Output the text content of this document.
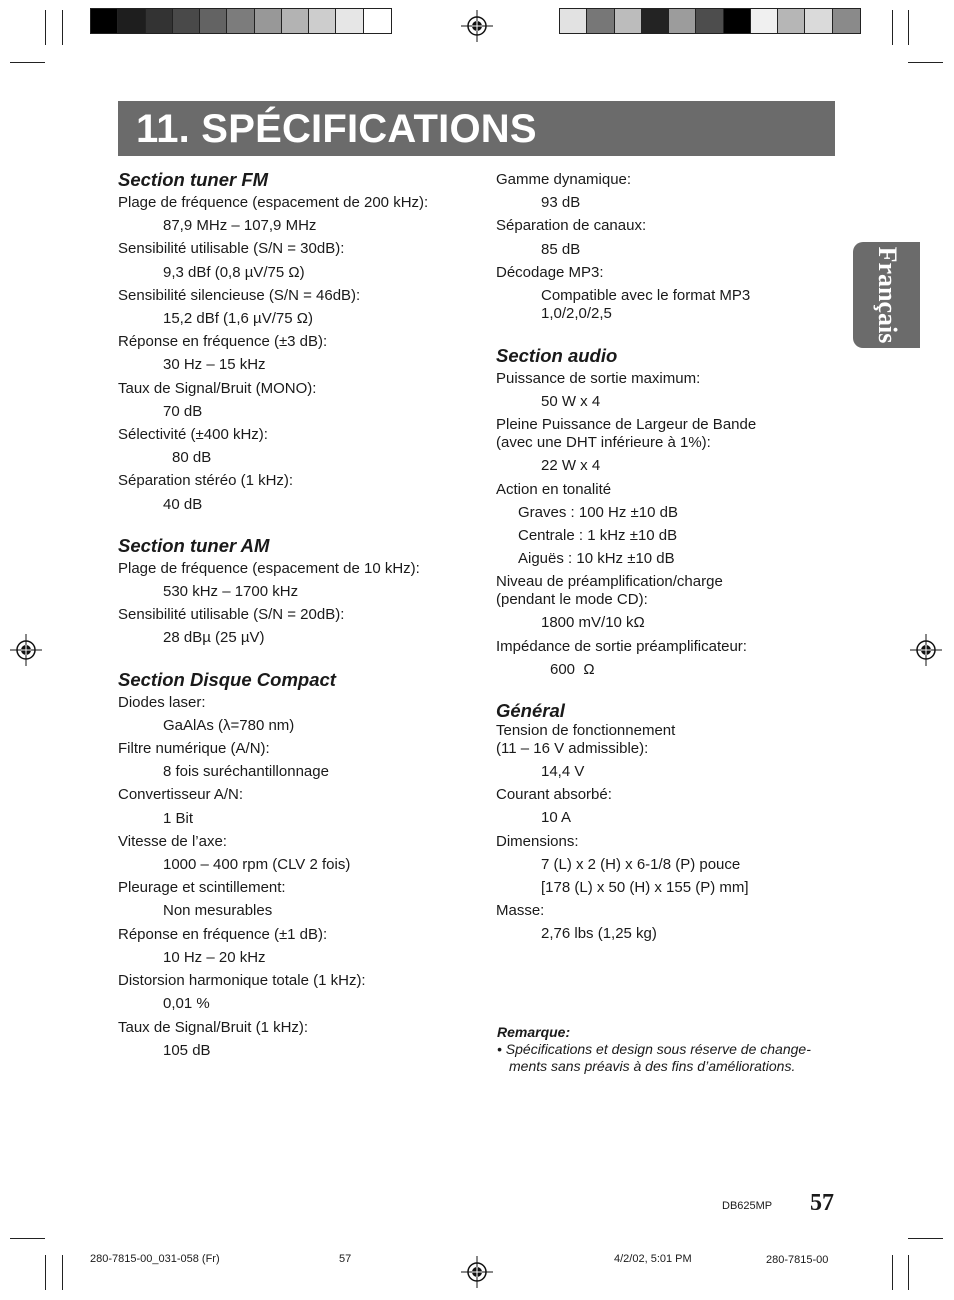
11. SPÉCIFICATIONS
Français
Section tuner FM
Plage de fréquence (espacement de 200 kHz):
87,9 MHz – 107,9 MHz
Sensibilité utilisable (S/N = 30dB):
9,3 dBf (0,8 µV/75 Ω)
Sensibilité silencieuse (S/N = 46dB):
15,2 dBf (1,6 µV/75 Ω)
Réponse en fréquence (±3 dB):
30 Hz – 15 kHz
Taux de Signal/Bruit (MONO):
70 dB
Sélectivité (±400 kHz):
80 dB
Séparation stéréo (1 kHz):
40 dB
Section tuner AM
Plage de fréquence (espacement de 10 kHz):
530 kHz – 1700 kHz
Sensibilité utilisable (S/N = 20dB):
28 dBµ (25 µV)
Section Disque Compact
Diodes laser:
GaAlAs (λ=780 nm)
Filtre numérique (A/N):
8 fois suréchantillonnage
Convertisseur A/N:
1 Bit
Vitesse de l’axe:
1000 – 400 rpm (CLV 2 fois)
Pleurage et scintillement:
Non mesurables
Réponse en fréquence (±1 dB):
10 Hz – 20 kHz
Distorsion harmonique totale (1 kHz):
0,01 %
Taux de Signal/Bruit (1 kHz):
105 dB
Gamme dynamique:
93 dB
Séparation de canaux:
85 dB
Décodage MP3:
Compatible avec le format MP3
1,0/2,0/2,5
Section audio
Puissance de sortie maximum:
50 W x 4
Pleine Puissance de Largeur de Bande
(avec une DHT inférieure à 1%):
22 W x 4
Action en tonalité
Graves : 100 Hz ±10 dB
Centrale : 1 kHz ±10 dB
Aiguës : 10 kHz ±10 dB
Niveau de préamplification/charge
(pendant le mode CD):
1800 mV/10 kΩ
Impédance de sortie préamplificateur:
600  Ω
Général
Tension de fonctionnement
(11 – 16 V admissible):
14,4 V
Courant absorbé:
10 A
Dimensions:
7 (L) x 2 (H) x 6-1/8 (P) pouce
[178 (L) x 50 (H) x 155 (P) mm]
Masse:
2,76 lbs (1,25 kg)
Remarque:
• Spécifications et design sous réserve de change-
ments sans préavis à des fins d’améliorations.
DB625MP 57
280-7815-00_031-058 (Fr)	57	4/2/02, 5:01 PM	280-7815-00
